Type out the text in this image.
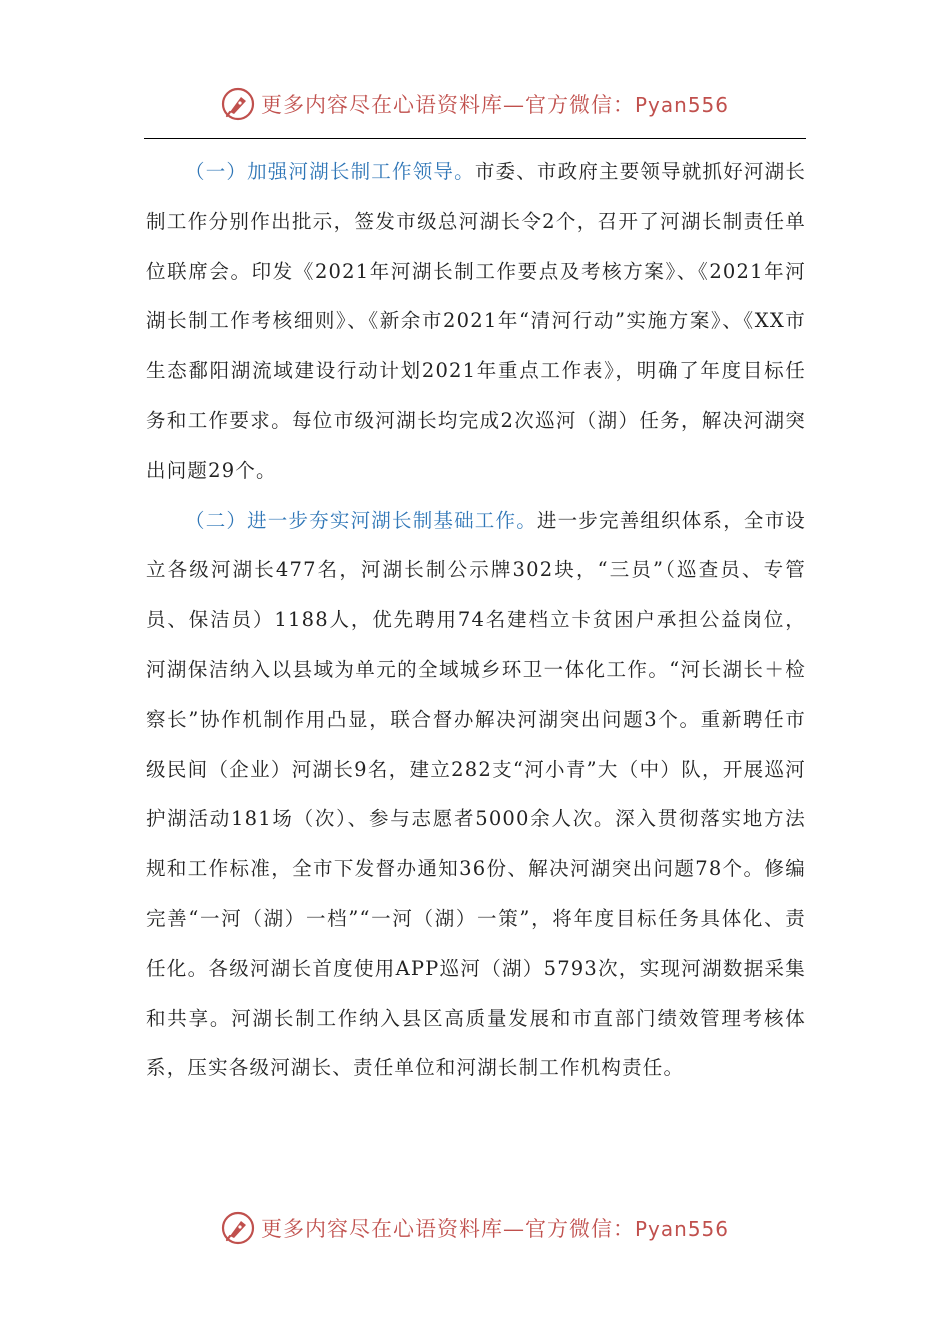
更多内容尽在心语资料库—官方微信：Pyan556

（一）加强河湖长制工作领导。市委、市政府主要领导就抓好河湖长制工作分别作出批示，签发市级总河湖长令2个，召开了河湖长制责任单位联席会。印发《2021年河湖长制工作要点及考核方案》、《2021年河湖长制工作考核细则》、《新余市2021年“清河行动”实施方案》、《XX市生态鄱阳湖流域建设行动计划2021年重点工作表》，明确了年度目标任务和工作要求。每位市级河湖长均完成2次巡河（湖）任务，解决河湖突出问题29个。

（二）进一步夯实河湖长制基础工作。进一步完善组织体系，全市设立各级河湖长477名，河湖长制公示牌302块，“三员”（巡查员、专管员、保洁员）1188人，优先聘用74名建档立卡贫困户承担公益岗位，河湖保洁纳入以县域为单元的全域城乡环卫一体化工作。“河长湖长＋检察长”协作机制作用凸显，联合督办解决河湖突出问题3个。重新聘任市级民间（企业）河湖长9名，建立282支“河小青”大（中）队，开展巡河护湖活动181场（次）、参与志愿者5000余人次。深入贯彻落实地方法规和工作标准，全市下发督办通知36份、解决河湖突出问题78个。修编完善“一河（湖）一档”“一河（湖）一策”，将年度目标任务具体化、责任化。各级河湖长首度使用APP巡河（湖）5793次，实现河湖数据采集和共享。河湖长制工作纳入县区高质量发展和市直部门绩效管理考核体系，压实各级河湖长、责任单位和河湖长制工作机构责任。

更多内容尽在心语资料库—官方微信：Pyan556
